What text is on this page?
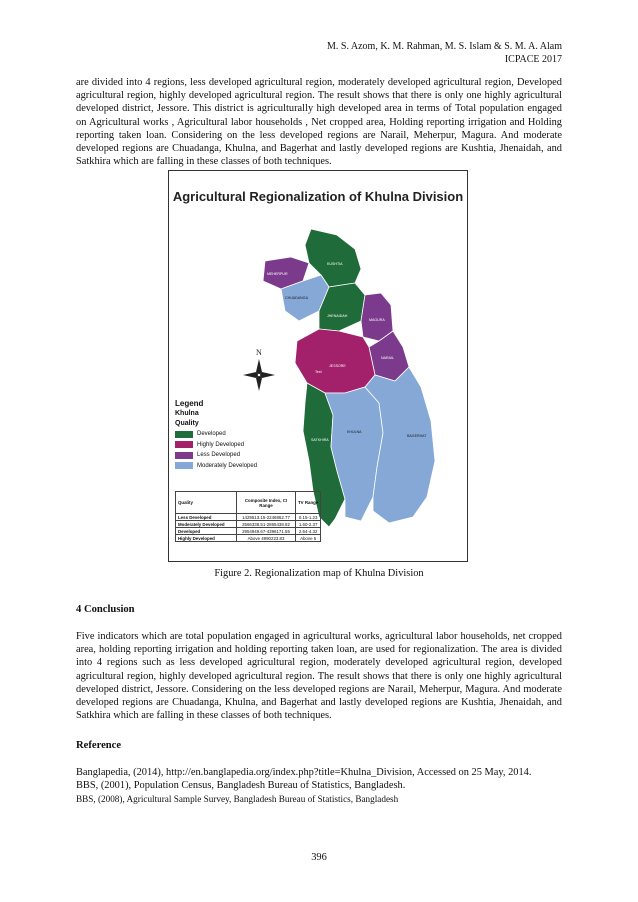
M. S. Azom, K. M. Rahman, M. S. Islam & S. M. A. Alam
ICPACE 2017

are divided into 4 regions, less developed agricultural region, moderately developed agricultural region, Developed agricultural region, highly developed agricultural region. The result shows that there is only one highly agricultural developed district, Jessore. This district is agriculturally high developed area in terms of Total population engaged on Agricultural works , Agricultural labor households , Net cropped area, Holding reporting irrigation and Holding reporting taken loan. Considering on the less developed regions are Narail, Meherpur, Magura. And moderate developed regions are Chuadanga, Khulna, and Bagerhat and lastly developed regions are Kushtia, Jhenaidah, and Satkhira which are falling in these classes of both techniques.

Agricultural Regionalization of Khulna Division
KUSHTIA
MEHERPUR
CHUADANGA
JHENAIDAH
MAGURA
NARAIL
JESSORE
Text
SATKHIRA
KHULNA
BAGERHAT
N
Legend
Khulna
Quality
Developed
Highly Developed
Less Developed
Moderately Developed
Quality	Composite Index, CI Range	TV Range
Less Developed	1429513.15-2246862.77	0.15-1.23
Moderately Developed	2566338.51-2865438.82	1.60-2.37
Developed	2954949.67-4396171.55	2.64-4.32
Highly Developed	Above 4990223.83	Above 5
Figure 2. Regionalization map of Khulna Division
4 Conclusion

Five indicators which are total population engaged in agricultural works, agricultural labor households, net cropped area, holding reporting irrigation and holding reporting taken loan, are used for regionalization. The area is divided into 4 regions such as less developed agricultural region, moderately developed agricultural region, developed agricultural region, highly developed agricultural region. The result shows that there is only one highly agricultural developed district, Jessore. Considering on the less developed regions are Narail, Meherpur, Magura. And moderate developed regions are Chuadanga, Khulna, and Bagerhat and lastly developed regions are Kushtia, Jhenaidah, and Satkhira which are falling in these classes of both techniques.

Reference
Banglapedia, (2014), http://en.banglapedia.org/index.php?title=Khulna_Division, Accessed on 25 May, 2014.
BBS, (2001), Population Census, Bangladesh Bureau of Statistics, Bangladesh.
BBS, (2008), Agricultural Sample Survey, Bangladesh Bureau of Statistics, Bangladesh
396
